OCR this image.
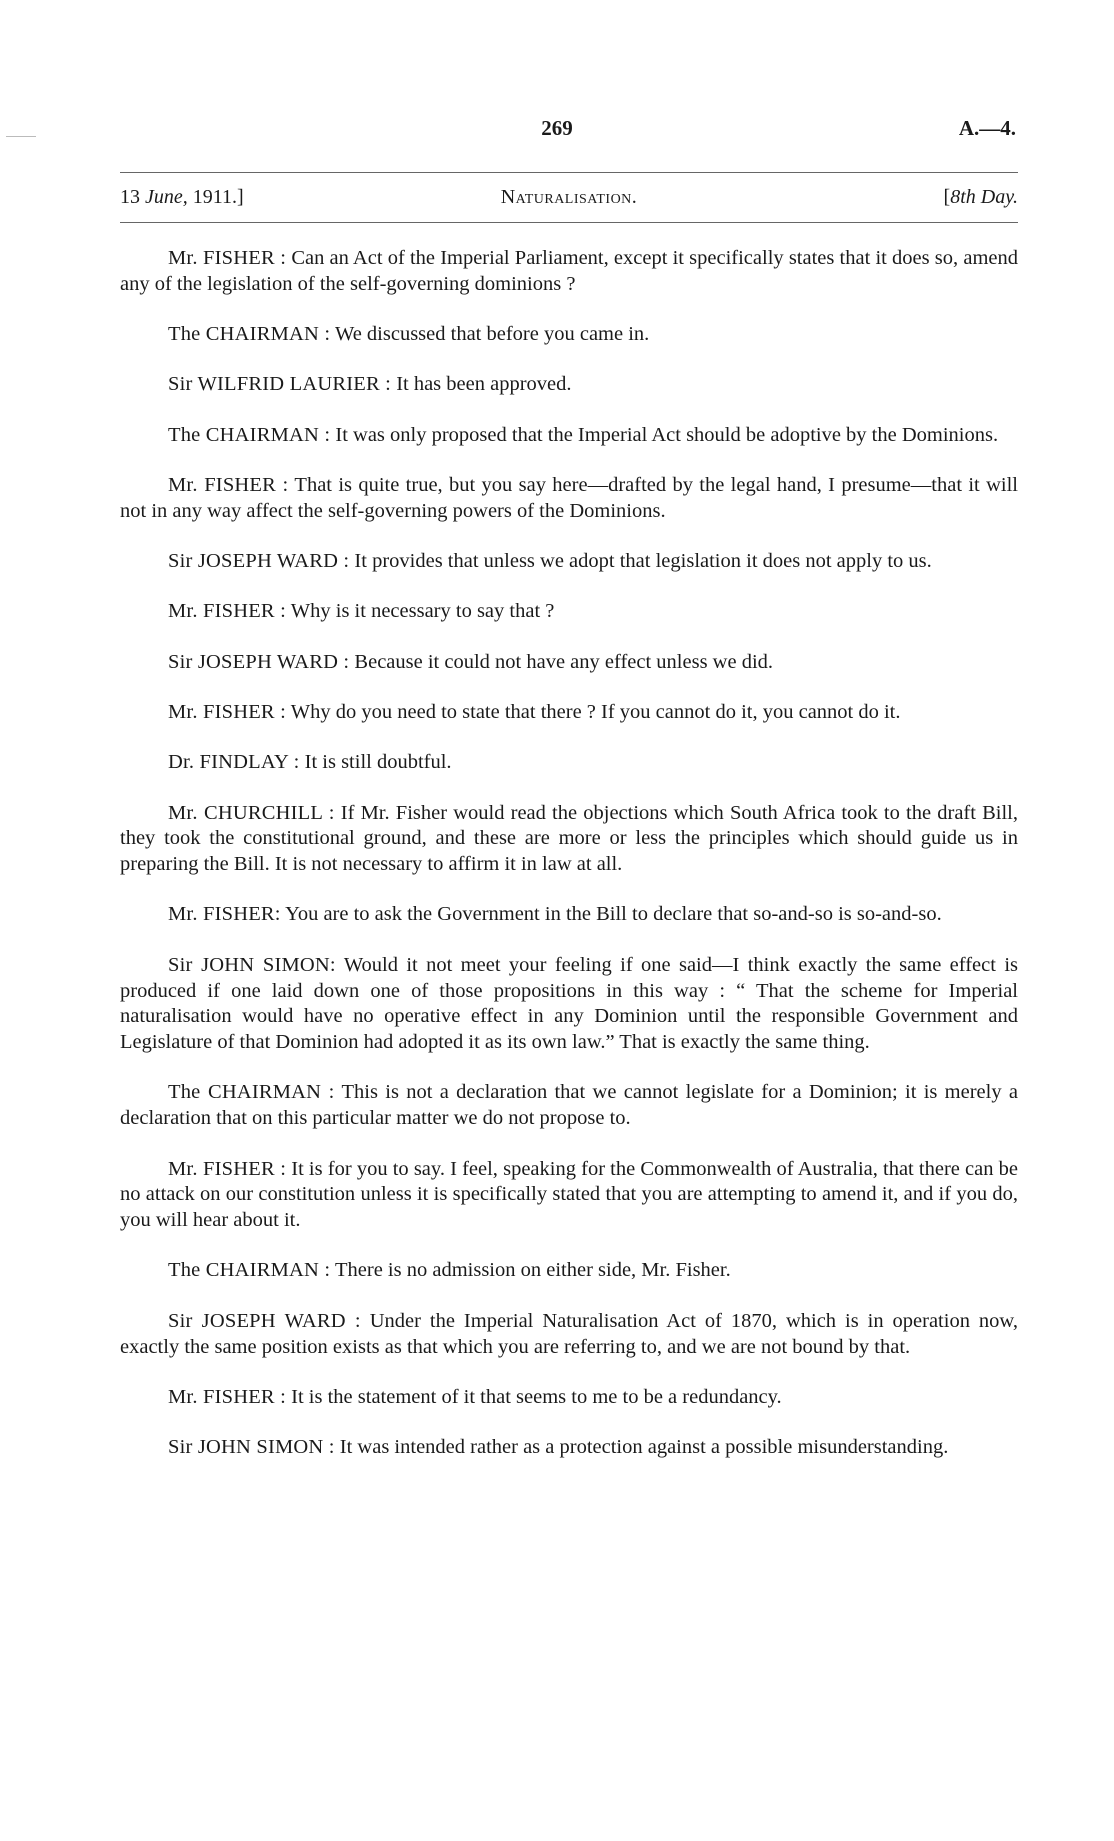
269	A.—4.
13 June, 1911.]	Naturalisation.	[8th Day.

Mr. FISHER : Can an Act of the Imperial Parliament, except it specifically states that it does so, amend any of the legislation of the self-governing dominions ?

The CHAIRMAN : We discussed that before you came in.

Sir WILFRID LAURIER : It has been approved.

The CHAIRMAN : It was only proposed that the Imperial Act should be adoptive by the Dominions.

Mr. FISHER : That is quite true, but you say here—drafted by the legal hand, I presume—that it will not in any way affect the self-governing powers of the Dominions.

Sir JOSEPH WARD : It provides that unless we adopt that legislation it does not apply to us.

Mr. FISHER : Why is it necessary to say that ?

Sir JOSEPH WARD : Because it could not have any effect unless we did.

Mr. FISHER : Why do you need to state that there ? If you cannot do it, you cannot do it.

Dr. FINDLAY : It is still doubtful.

Mr. CHURCHILL : If Mr. Fisher would read the objections which South Africa took to the draft Bill, they took the constitutional ground, and these are more or less the principles which should guide us in preparing the Bill. It is not necessary to affirm it in law at all.

Mr. FISHER: You are to ask the Government in the Bill to declare that so-and-so is so-and-so.

Sir JOHN SIMON: Would it not meet your feeling if one said—I think exactly the same effect is produced if one laid down one of those propositions in this way : “ That the scheme for Imperial naturalisation would have no operative effect in any Dominion until the responsible Government and Legislature of that Dominion had adopted it as its own law.” That is exactly the same thing.

The CHAIRMAN : This is not a declaration that we cannot legislate for a Dominion; it is merely a declaration that on this particular matter we do not propose to.

Mr. FISHER : It is for you to say. I feel, speaking for the Commonwealth of Australia, that there can be no attack on our constitution unless it is specifically stated that you are attempting to amend it, and if you do, you will hear about it.

The CHAIRMAN : There is no admission on either side, Mr. Fisher.

Sir JOSEPH WARD : Under the Imperial Naturalisation Act of 1870, which is in operation now, exactly the same position exists as that which you are referring to, and we are not bound by that.

Mr. FISHER : It is the statement of it that seems to me to be a redundancy.

Sir JOHN SIMON : It was intended rather as a protection against a possible misunderstanding.
